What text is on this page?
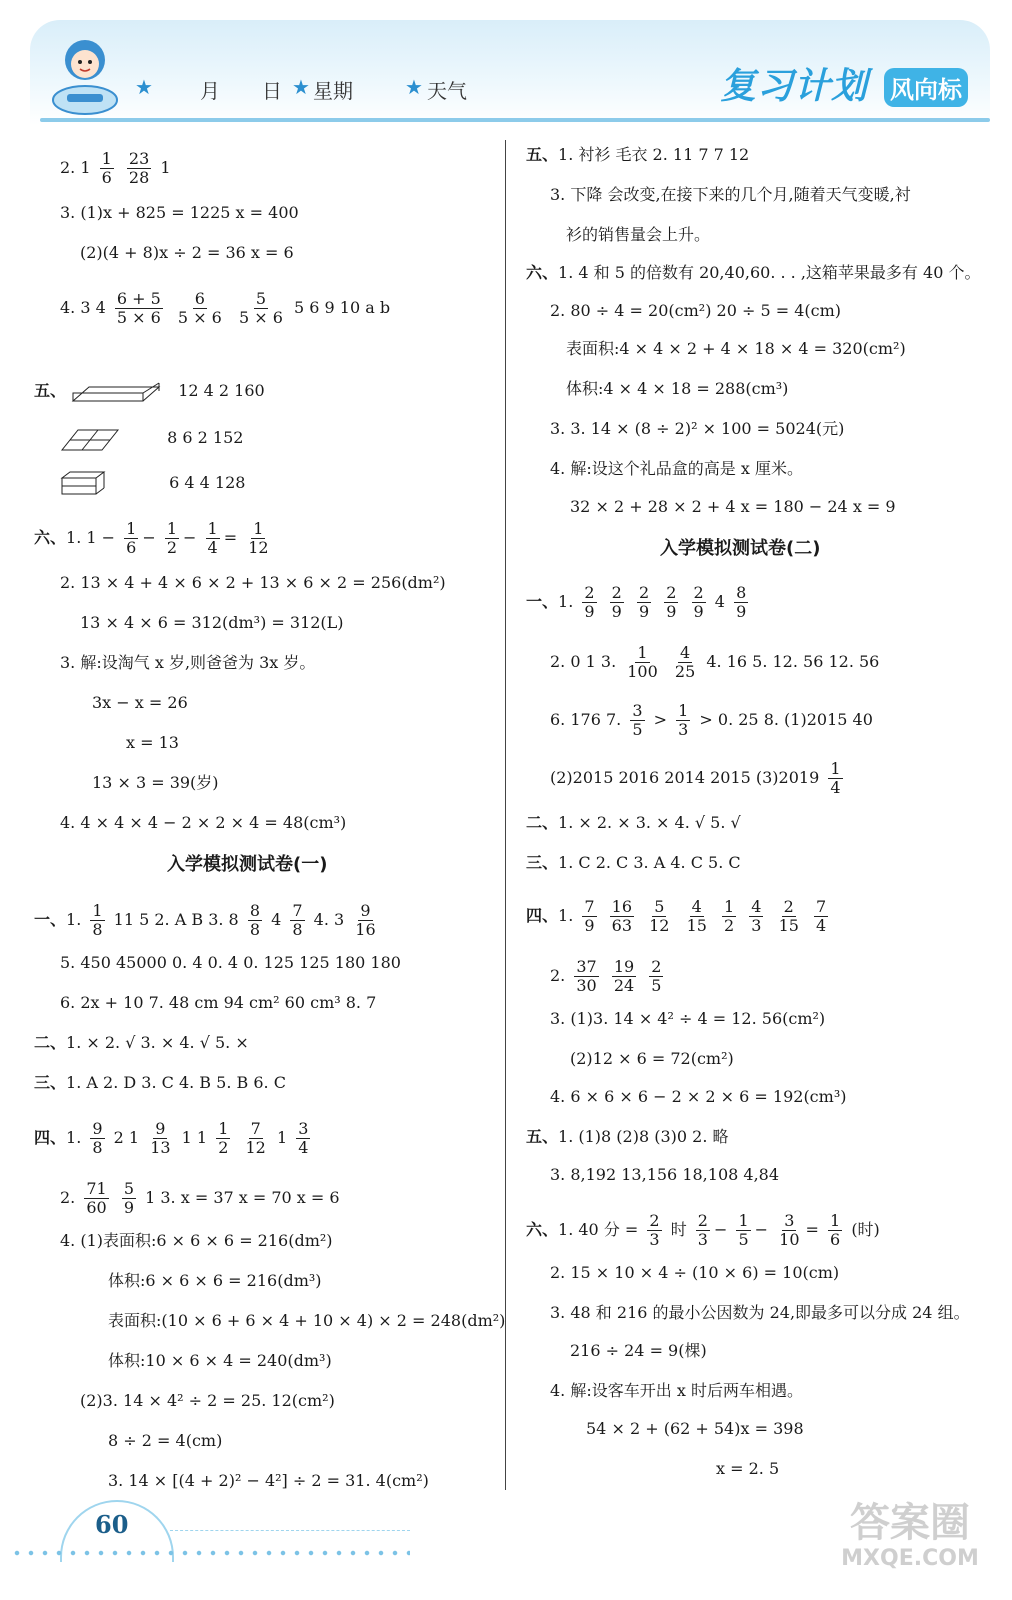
★ 月 日 ★ 星期	★ 天气	复习计划 风向标
2. $1 \frac{1}{6}$
$\frac{23}{28} 1$
3. (1)x + 825 = 1225 x = 400
(2)(4 + 8)x ÷ 2 = 36 x = 6
4. 3 $4 \frac{6 + 5}{5 \times 6}$
$\frac{6}{5 \times 6}$
$\frac{5}{5 \times 6} 5$ 6 9 10 a b
五、	12 4 2 160
8 6 2 152
6 4 4 128
六、1. $1 - \frac{1}{6} - \frac{1}{2} - \frac{1}{4} = \frac{1}{12}$
2. 13 × 4 + 4 × 6 × 2 + 13 × 6 × 2 = 256(dm²)
13 × 4 × 6 = 312(dm³) = 312(L)
3. 解:设淘气 x 岁,则爸爸为 3x 岁。
3x − x = 26
x = 13
13 × 3 = 39(岁)
4. 4 × 4 × 4 − 2 × 2 × 4 = 48(cm³)
入学模拟测试卷(一)
一、1. $\frac{1}{8} 11$ 5 2. A B 3. $8 \frac{8}{8} 4 \frac{7}{8} 4$. $3 \frac{9}{16}$
5. 450 45000 0. 4 0. 4 0. 125 125 180 180
6. 2x + 10 7. 48 cm 94 cm² 60 cm³ 8. 7
二、1. × 2. √ 3. × 4. √ 5. ×
三、1. A 2. D 3. C 4. B 5. B 6. C
四、1. $\frac{9}{8} 2$ $1 \frac{9}{13} 1$ $1 \frac{1}{2}$
$\frac{7}{12} 1 \frac{3}{4}$
2. $\frac{71}{60}$
$\frac{5}{9} 1$ 3. x = 37 x = 70 x = 6
4. (1)表面积:6 × 6 × 6 = 216(dm²)
体积:6 × 6 × 6 = 216(dm³)
表面积:(10 × 6 + 6 × 4 + 10 × 4) × 2 = 248(dm²)
体积:10 × 6 × 4 = 240(dm³)
(2)3. 14 × 4² ÷ 2 = 25. 12(cm²)
8 ÷ 2 = 4(cm)
3. 14 × [(4 + 2)² − 4²] ÷ 2 = 31. 4(cm²)
五、1. 衬衫 毛衣 2. 11 7 7 12
3. 下降 会改变,在接下来的几个月,随着天气变暖,衬
衫的销售量会上升。
六、1. 4 和 5 的倍数有 20,40,60. . . ,这箱苹果最多有 40 个。
2. 80 ÷ 4 = 20(cm²) 20 ÷ 5 = 4(cm)
表面积:4 × 4 × 2 + 4 × 18 × 4 = 320(cm²)
体积:4 × 4 × 18 = 288(cm³)
3. 3. 14 × (8 ÷ 2)² × 100 = 5024(元)
4. 解:设这个礼品盒的高是 x 厘米。
32 × 2 + 28 × 2 + 4 x = 180 − 24 x = 9
入学模拟测试卷(二)
一、1. $\frac{2}{9}$
$\frac{2}{9}$
$\frac{2}{9}$
$\frac{2}{9}$
$\frac{2}{9} 4 \frac{8}{9}$
2. 0 1 3. $\frac{1}{100}$
$\frac{4}{25} 4$. 16 5. 12. 56 12. 56
6. 176 7. $\frac{3}{5} > \frac{1}{3} > 0$. 25 8. (1)2015 40
(2)2015 2016 2014 2015 $(3)2019 \frac{1}{4}$
二、1. × 2. × 3. × 4. √ 5. √
三、1. C 2. C 3. A 4. C 5. C
四、1. $\frac{7}{9}$
$\frac{16}{63}$
$\frac{5}{12}$
$\frac{4}{15}$
$\frac{1}{2}$
$\frac{4}{3}$
$\frac{2}{15}$
$\frac{7}{4}$
2. $\frac{37}{30}$
$\frac{19}{24}$
$\frac{2}{5}$
3. (1)3. 14 × 4² ÷ 4 = 12. 56(cm²)
(2)12 × 6 = 72(cm²)
4. 6 × 6 × 6 − 2 × 2 × 6 = 192(cm³)
五、1. (1)8 (2)8 (3)0 2. 略
3. 8,192 13,156 18,108 4,84
六、1. 40 分 = $\frac{2}{3}$ 时 $\frac{2}{3} - \frac{1}{5} - \frac{3}{10} = \frac{1}{6}$ (时)
2. 15 × 10 × 4 ÷ (10 × 6) = 10(cm)
3. 48 和 216 的最小公因数为 24,即最多可以分成 24 组。
216 ÷ 24 = 9(棵)
4. 解:设客车开出 x 时后两车相遇。
54 × 2 + (62 + 54)x = 398
x = 2. 5
60	答案圈
MXQE.COM
